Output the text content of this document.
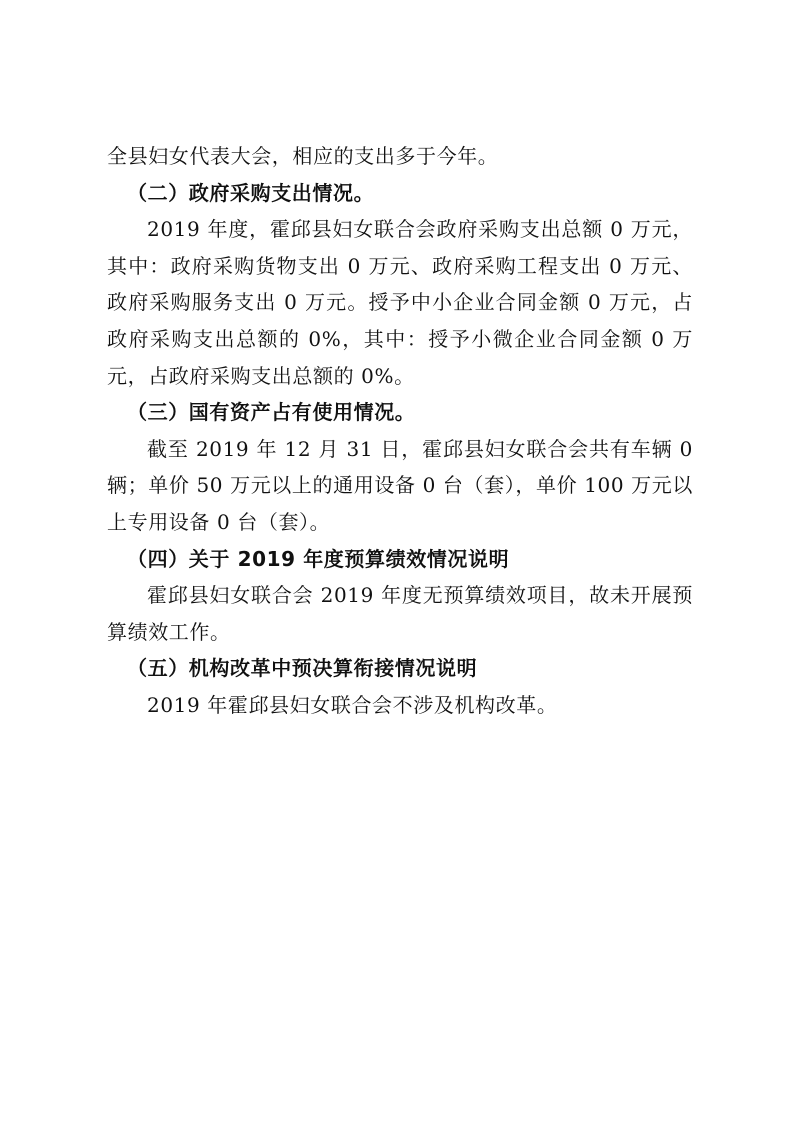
全县妇女代表大会，相应的支出多于今年。

（二）政府采购支出情况。

2019 年度，霍邱县妇女联合会政府采购支出总额 0 万元，其中：政府采购货物支出 0 万元、政府采购工程支出 0 万元、政府采购服务支出 0 万元。授予中小企业合同金额 0 万元，占政府采购支出总额的 0%，其中：授予小微企业合同金额 0 万元，占政府采购支出总额的 0%。

（三）国有资产占有使用情况。

截至 2019 年 12 月 31 日，霍邱县妇女联合会共有车辆 0 辆；单价 50 万元以上的通用设备 0 台（套），单价 100 万元以上专用设备 0 台（套）。

（四）关于 2019 年度预算绩效情况说明

霍邱县妇女联合会 2019 年度无预算绩效项目，故未开展预算绩效工作。

（五）机构改革中预决算衔接情况说明

2019 年霍邱县妇女联合会不涉及机构改革。
